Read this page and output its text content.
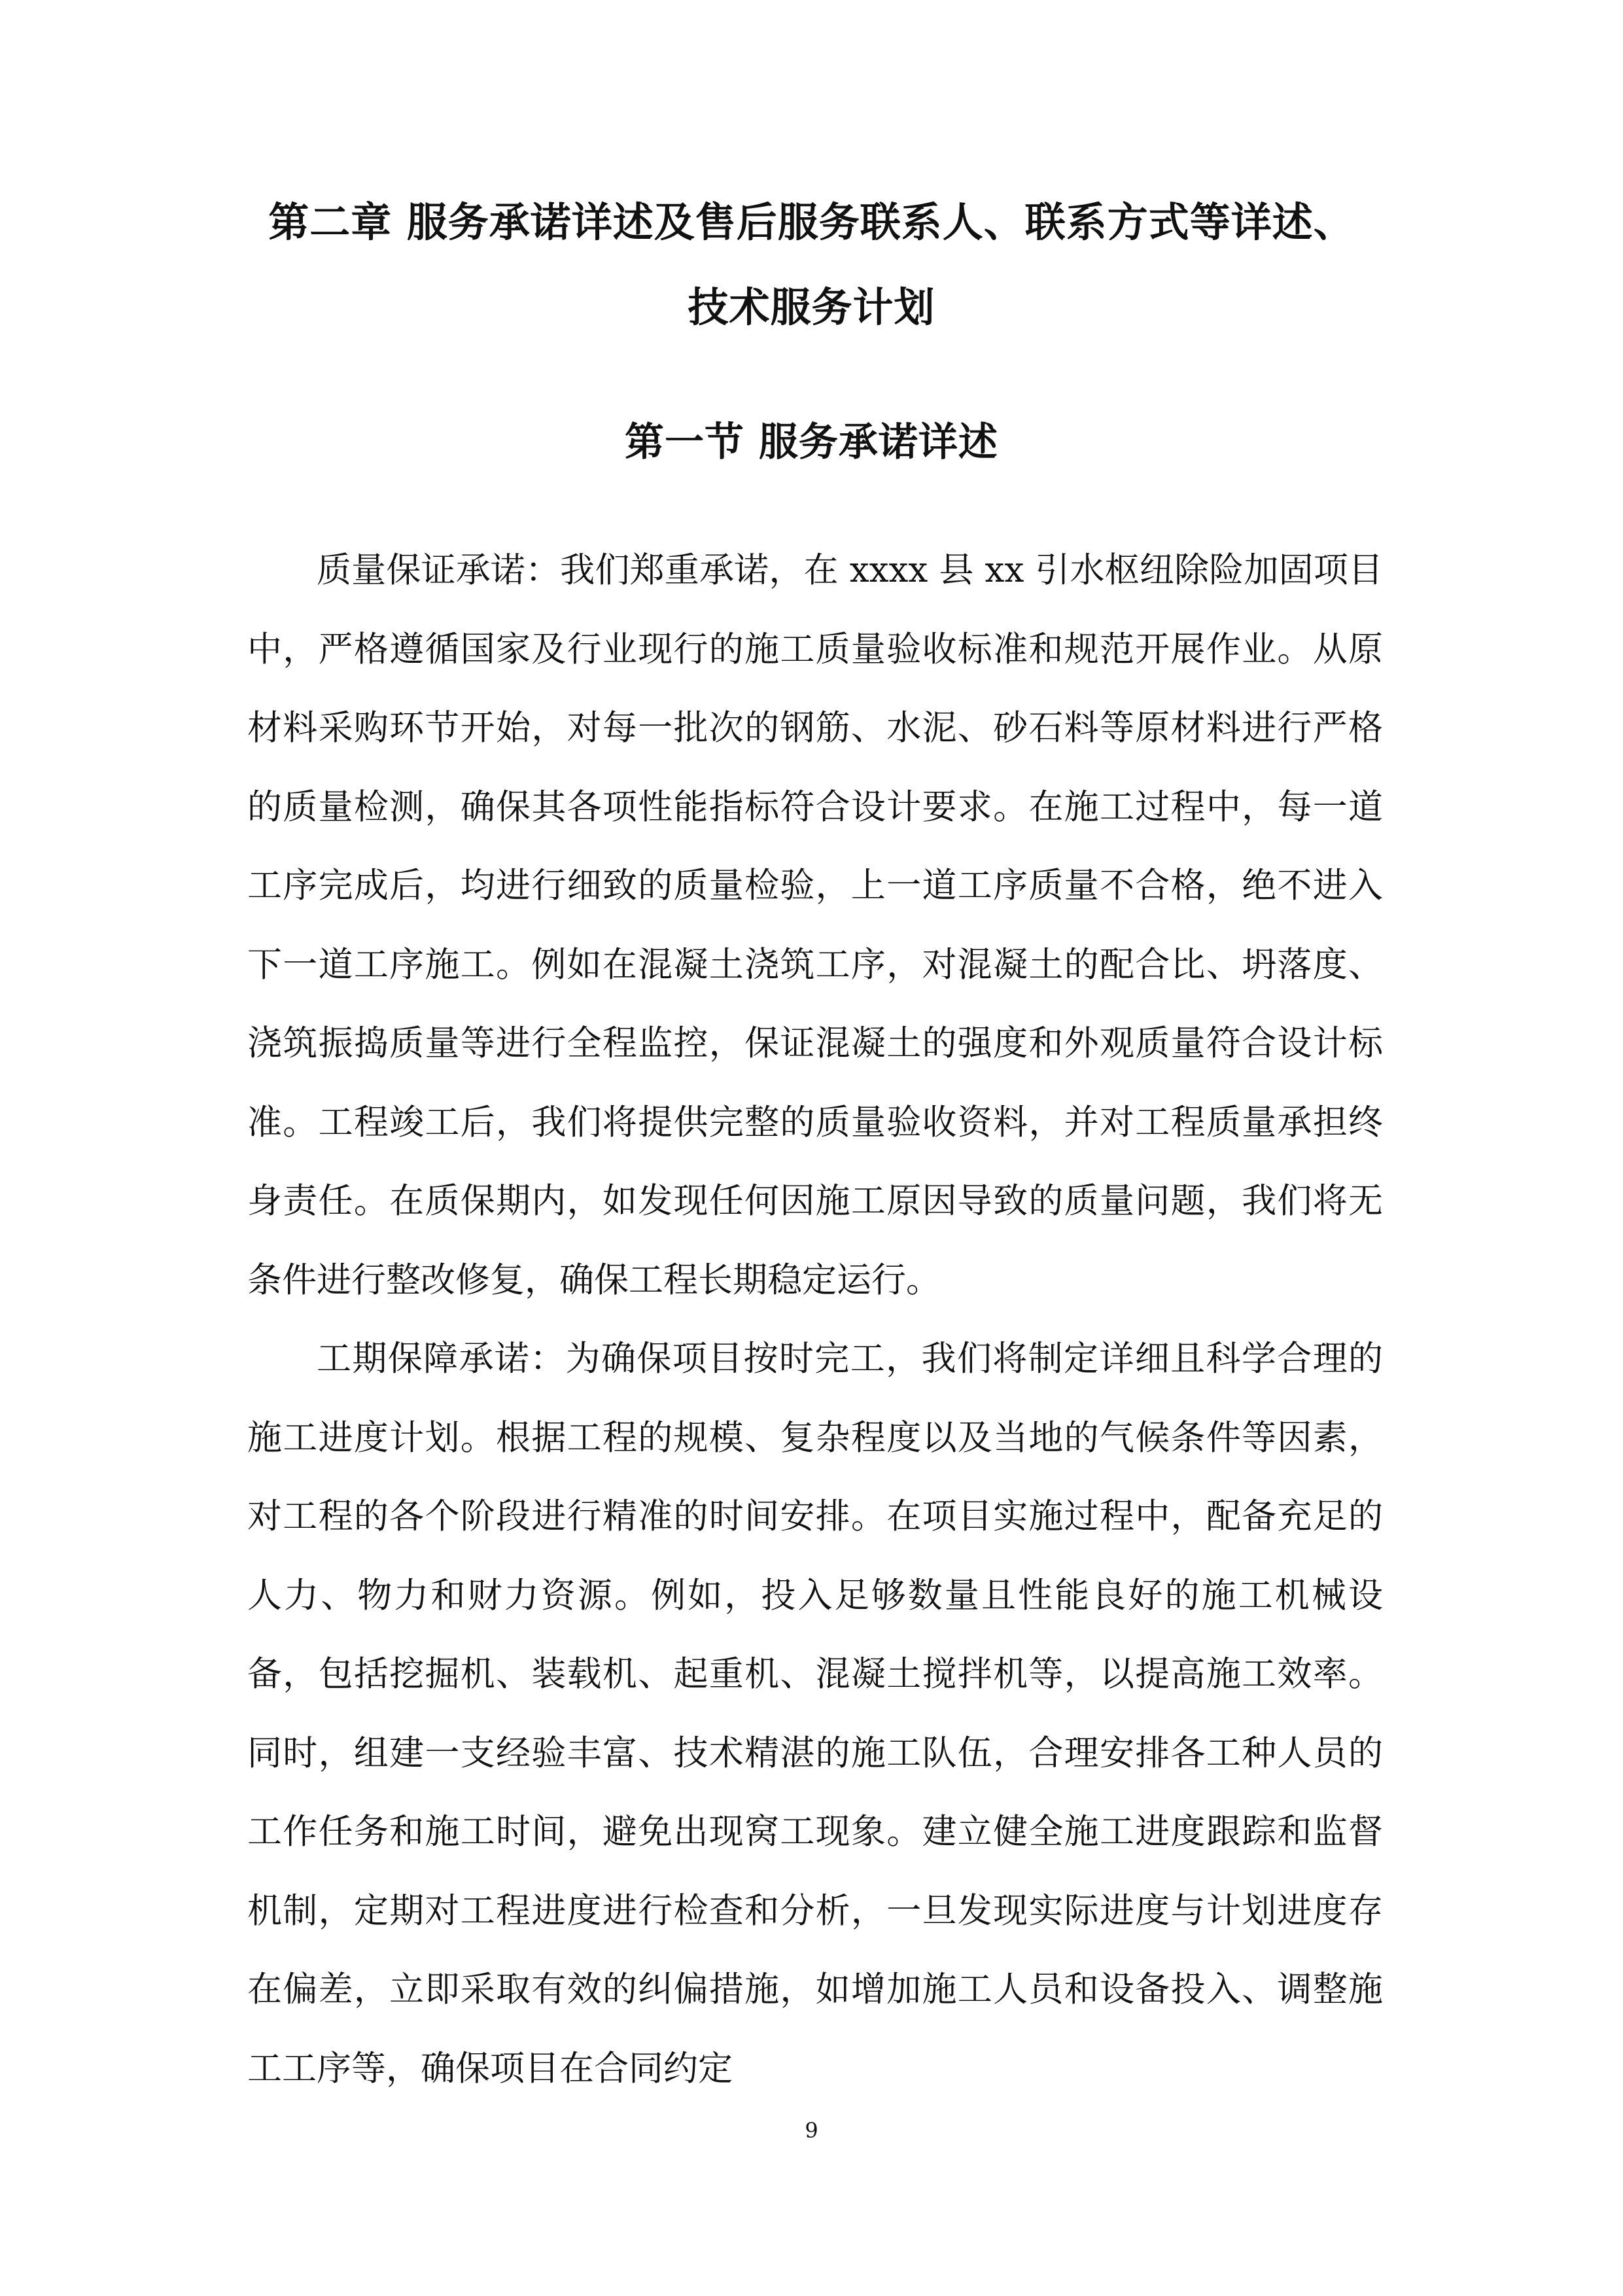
第二章 服务承诺详述及售后服务联系人、联系方式等详述、
技术服务计划
第一节 服务承诺详述

质量保证承诺：我们郑重承诺，在 xxxx 县 xx 引水枢纽除险加固项目中，严格遵循国家及行业现行的施工质量验收标准和规范开展作业。从原材料采购环节开始，对每一批次的钢筋、水泥、砂石料等原材料进行严格的质量检测，确保其各项性能指标符合设计要求。在施工过程中，每一道工序完成后，均进行细致的质量检验，上一道工序质量不合格，绝不进入下一道工序施工。例如在混凝土浇筑工序，对混凝土的配合比、坍落度、浇筑振捣质量等进行全程监控，保证混凝土的强度和外观质量符合设计标准。工程竣工后，我们将提供完整的质量验收资料，并对工程质量承担终身责任。在质保期内，如发现任何因施工原因导致的质量问题，我们将无条件进行整改修复，确保工程长期稳定运行。

工期保障承诺：为确保项目按时完工，我们将制定详细且科学合理的施工进度计划。根据工程的规模、复杂程度以及当地的气候条件等因素，对工程的各个阶段进行精准的时间安排。在项目实施过程中，配备充足的人力、物力和财力资源。例如，投入足够数量且性能良好的施工机械设备，包括挖掘机、装载机、起重机、混凝土搅拌机等，以提高施工效率。同时，组建一支经验丰富、技术精湛的施工队伍，合理安排各工种人员的工作任务和施工时间，避免出现窝工现象。建立健全施工进度跟踪和监督机制，定期对工程进度进行检查和分析，一旦发现实际进度与计划进度存在偏差，立即采取有效的纠偏措施，如增加施工人员和设备投入、调整施工工序等，确保项目在合同约定

9
